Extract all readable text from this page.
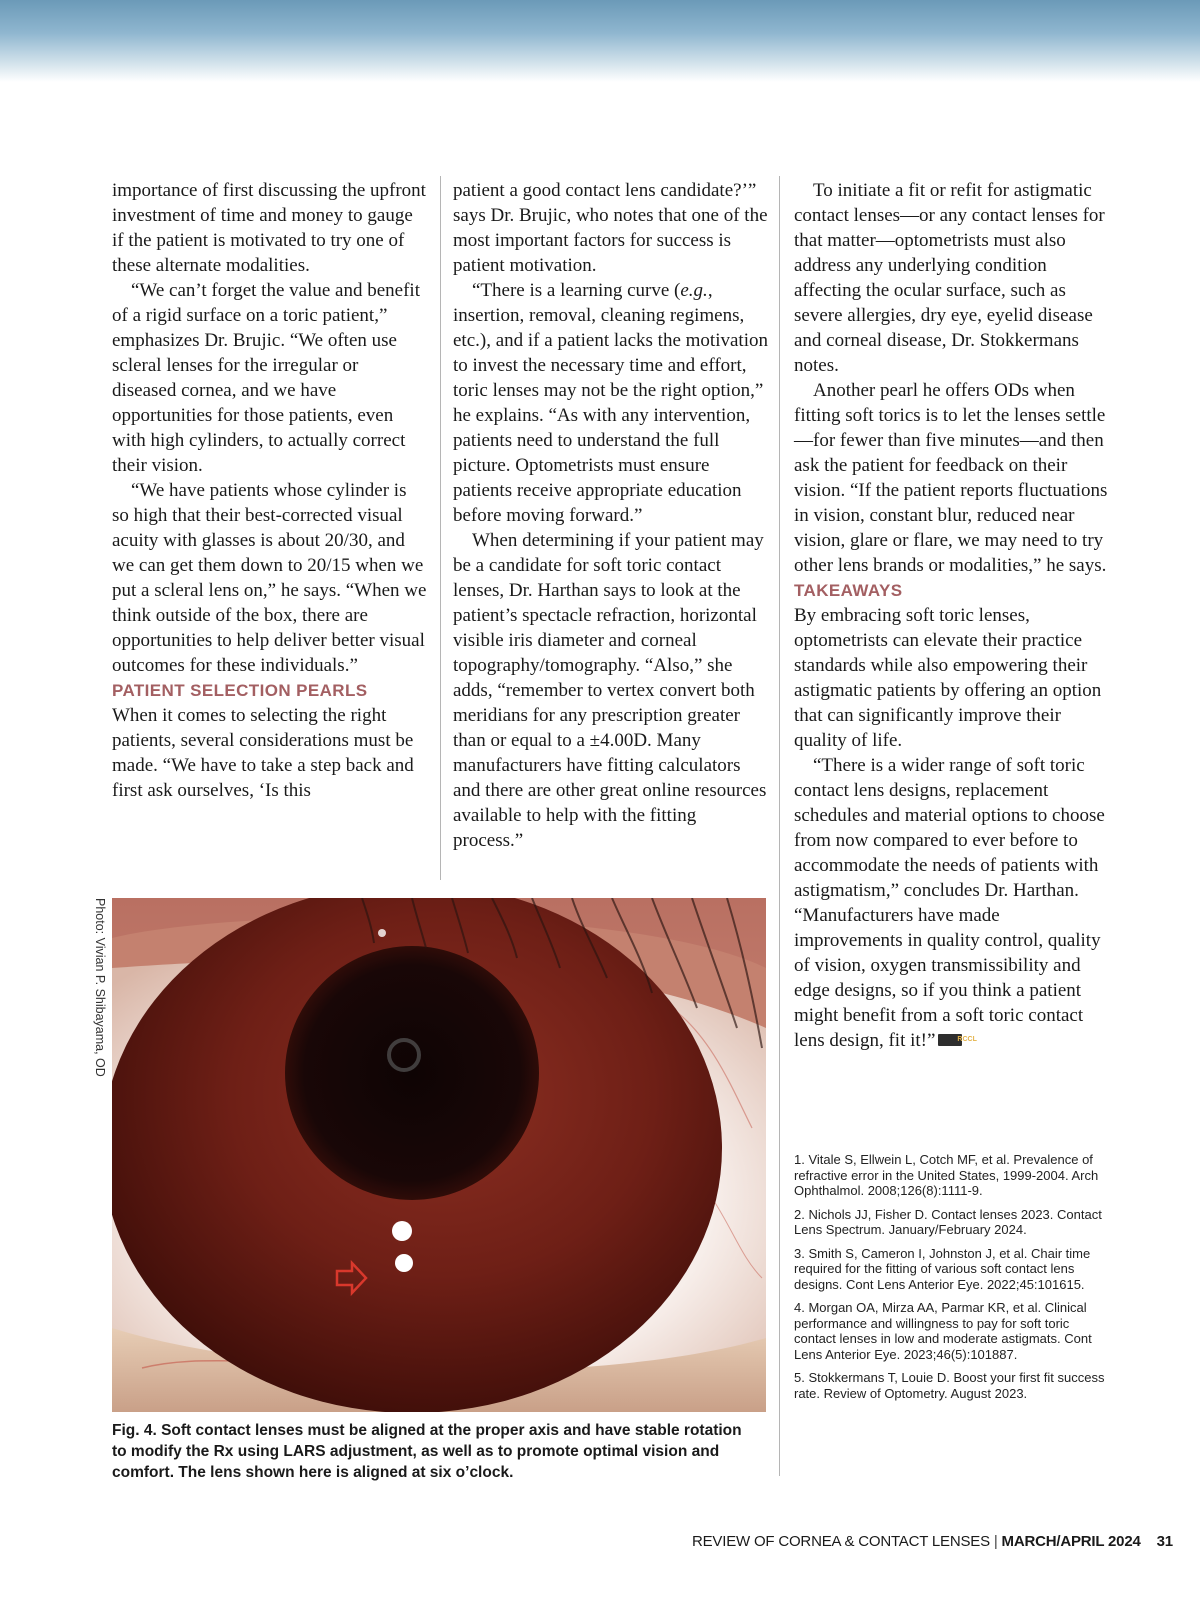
importance of first discussing the upfront investment of time and money to gauge if the patient is motivated to try one of these alternate modalities.

“We can’t forget the value and benefit of a rigid surface on a toric patient,” emphasizes Dr. Brujic. “We often use scleral lenses for the irregular or diseased cornea, and we have opportunities for those patients, even with high cylinders, to actually correct their vision.

“We have patients whose cylinder is so high that their best-corrected visual acuity with glasses is about 20/30, and we can get them down to 20/15 when we put a scleral lens on,” he says. “When we think outside of the box, there are opportunities to help deliver better visual outcomes for these individuals.”

PATIENT SELECTION PEARLS

When it comes to selecting the right patients, several considerations must be made. “We have to take a step back and first ask ourselves, ‘Is this

patient a good contact lens candidate?’” says Dr. Brujic, who notes that one of the most important factors for success is patient motivation.

“There is a learning curve (e.g., insertion, removal, cleaning regimens, etc.), and if a patient lacks the motivation to invest the necessary time and effort, toric lenses may not be the right option,” he explains. “As with any intervention, patients need to understand the full picture. Optometrists must ensure patients receive appropriate education before moving forward.”

When determining if your patient may be a candidate for soft toric contact lenses, Dr. Harthan says to look at the patient’s spectacle refraction, horizontal visible iris diameter and corneal topography/tomography. “Also,” she adds, “remember to vertex convert both meridians for any prescription greater than or equal to a ±4.00D. Many manufacturers have fitting calculators and there are other great online resources available to help with the fitting process.”

To initiate a fit or refit for astigmatic contact lenses—or any contact lenses for that matter—optometrists must also address any underlying condition affecting the ocular surface, such as severe allergies, dry eye, eyelid disease and corneal disease, Dr. Stokkermans notes.

Another pearl he offers ODs when fitting soft torics is to let the lenses settle—for fewer than five minutes—and then ask the patient for feedback on their vision. “If the patient reports fluctuations in vision, constant blur, reduced near vision, glare or flare, we may need to try other lens brands or modalities,” he says.

TAKEAWAYS

By embracing soft toric lenses, optometrists can elevate their practice standards while also empowering their astigmatic patients by offering an option that can significantly improve their quality of life.

“There is a wider range of soft toric contact lens designs, replacement schedules and material options to choose from now compared to ever before to accommodate the needs of patients with astigmatism,” concludes Dr. Harthan. “Manufacturers have made improvements in quality control, quality of vision, oxygen transmissibility and edge designs, so if you think a patient might benefit from a soft toric contact lens design, fit it!”	RCCL

1. Vitale S, Ellwein L, Cotch MF, et al. Prevalence of refractive error in the United States, 1999-2004. Arch Ophthalmol. 2008;126(8):1111-9.

2. Nichols JJ, Fisher D. Contact lenses 2023. Contact Lens Spectrum. January/February 2024.

3. Smith S, Cameron I, Johnston J, et al. Chair time required for the fitting of various soft contact lens designs. Cont Lens Anterior Eye. 2022;45:101615.

4. Morgan OA, Mirza AA, Parmar KR, et al. Clinical performance and willingness to pay for soft toric contact lenses in low and moderate astigmats. Cont Lens Anterior Eye. 2023;46(5):101887.

5. Stokkermans T, Louie D. Boost your first fit success rate. Review of Optometry. August 2023.

Photo: Vivian P. Shibayama, OD
Fig. 4. Soft contact lenses must be aligned at the proper axis and have stable rotation to modify the Rx using LARS adjustment, as well as to promote optimal vision and comfort. The lens shown here is aligned at six o’clock.
REVIEW OF CORNEA & CONTACT LENSES | MARCH/APRIL 2024 31
